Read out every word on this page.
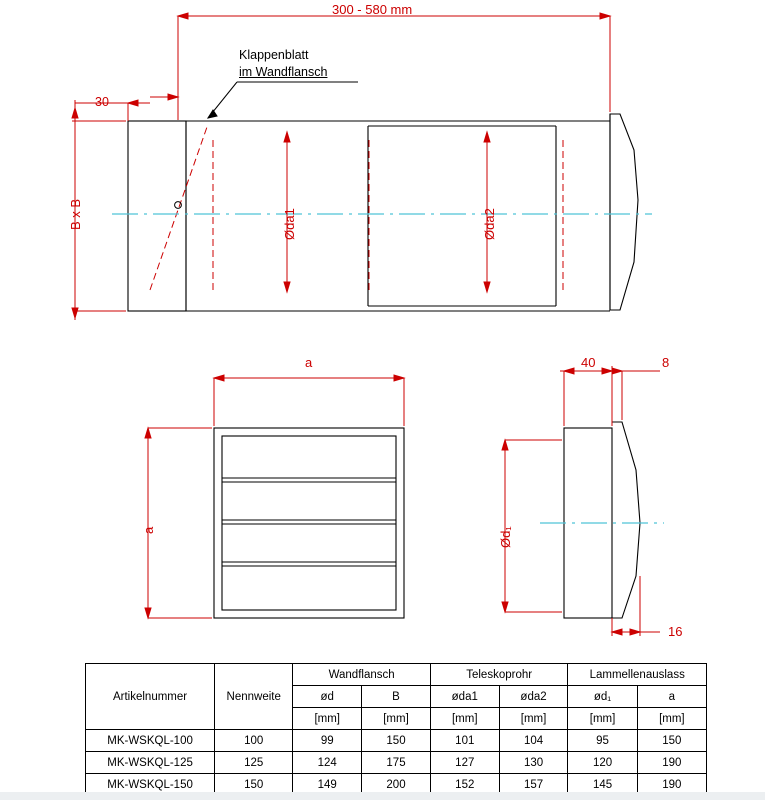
300 - 580 mm
Klappenblatt
im Wandflansch
30
B x B	Øda1	Øda2
a
a
40	8
16
Ød₁
Artikelnummer	Nennweite	Wandflansch		Teleskoprohr		Lammellenauslass	
		ød	B	øda1	øda2	ød₁	a
		[mm]	[mm]	[mm]	[mm]	[mm]	[mm]
MK-WSKQL-100	100	99	150	101	104	95	150
MK-WSKQL-125	125	124	175	127	130	120	190
MK-WSKQL-150	150	149	200	152	157	145	190
